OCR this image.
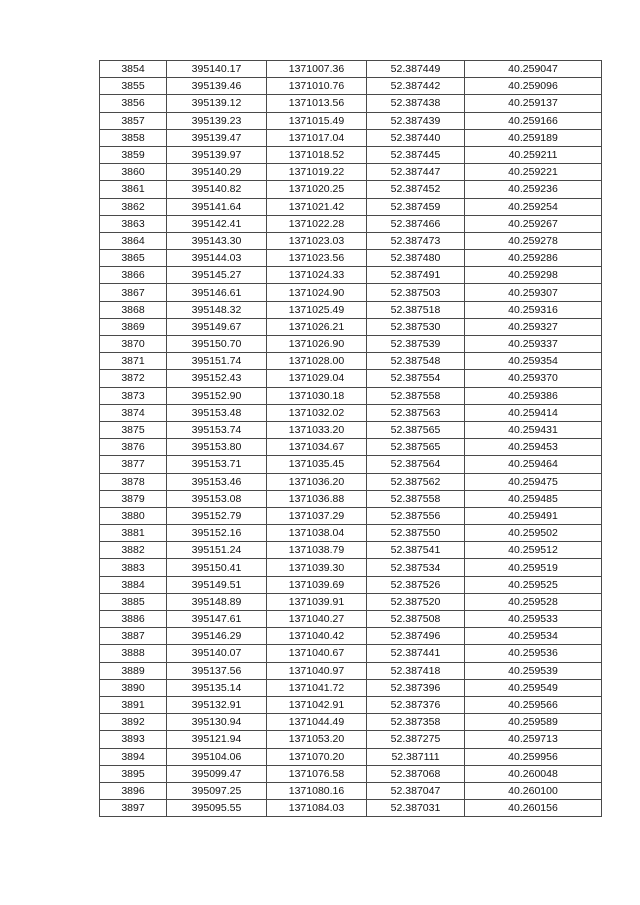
3854	395140.17	1371007.36	52.387449	40.259047
3855	395139.46	1371010.76	52.387442	40.259096
3856	395139.12	1371013.56	52.387438	40.259137
3857	395139.23	1371015.49	52.387439	40.259166
3858	395139.47	1371017.04	52.387440	40.259189
3859	395139.97	1371018.52	52.387445	40.259211
3860	395140.29	1371019.22	52.387447	40.259221
3861	395140.82	1371020.25	52.387452	40.259236
3862	395141.64	1371021.42	52.387459	40.259254
3863	395142.41	1371022.28	52.387466	40.259267
3864	395143.30	1371023.03	52.387473	40.259278
3865	395144.03	1371023.56	52.387480	40.259286
3866	395145.27	1371024.33	52.387491	40.259298
3867	395146.61	1371024.90	52.387503	40.259307
3868	395148.32	1371025.49	52.387518	40.259316
3869	395149.67	1371026.21	52.387530	40.259327
3870	395150.70	1371026.90	52.387539	40.259337
3871	395151.74	1371028.00	52.387548	40.259354
3872	395152.43	1371029.04	52.387554	40.259370
3873	395152.90	1371030.18	52.387558	40.259386
3874	395153.48	1371032.02	52.387563	40.259414
3875	395153.74	1371033.20	52.387565	40.259431
3876	395153.80	1371034.67	52.387565	40.259453
3877	395153.71	1371035.45	52.387564	40.259464
3878	395153.46	1371036.20	52.387562	40.259475
3879	395153.08	1371036.88	52.387558	40.259485
3880	395152.79	1371037.29	52.387556	40.259491
3881	395152.16	1371038.04	52.387550	40.259502
3882	395151.24	1371038.79	52.387541	40.259512
3883	395150.41	1371039.30	52.387534	40.259519
3884	395149.51	1371039.69	52.387526	40.259525
3885	395148.89	1371039.91	52.387520	40.259528
3886	395147.61	1371040.27	52.387508	40.259533
3887	395146.29	1371040.42	52.387496	40.259534
3888	395140.07	1371040.67	52.387441	40.259536
3889	395137.56	1371040.97	52.387418	40.259539
3890	395135.14	1371041.72	52.387396	40.259549
3891	395132.91	1371042.91	52.387376	40.259566
3892	395130.94	1371044.49	52.387358	40.259589
3893	395121.94	1371053.20	52.387275	40.259713
3894	395104.06	1371070.20	52.387111	40.259956
3895	395099.47	1371076.58	52.387068	40.260048
3896	395097.25	1371080.16	52.387047	40.260100
3897	395095.55	1371084.03	52.387031	40.260156
